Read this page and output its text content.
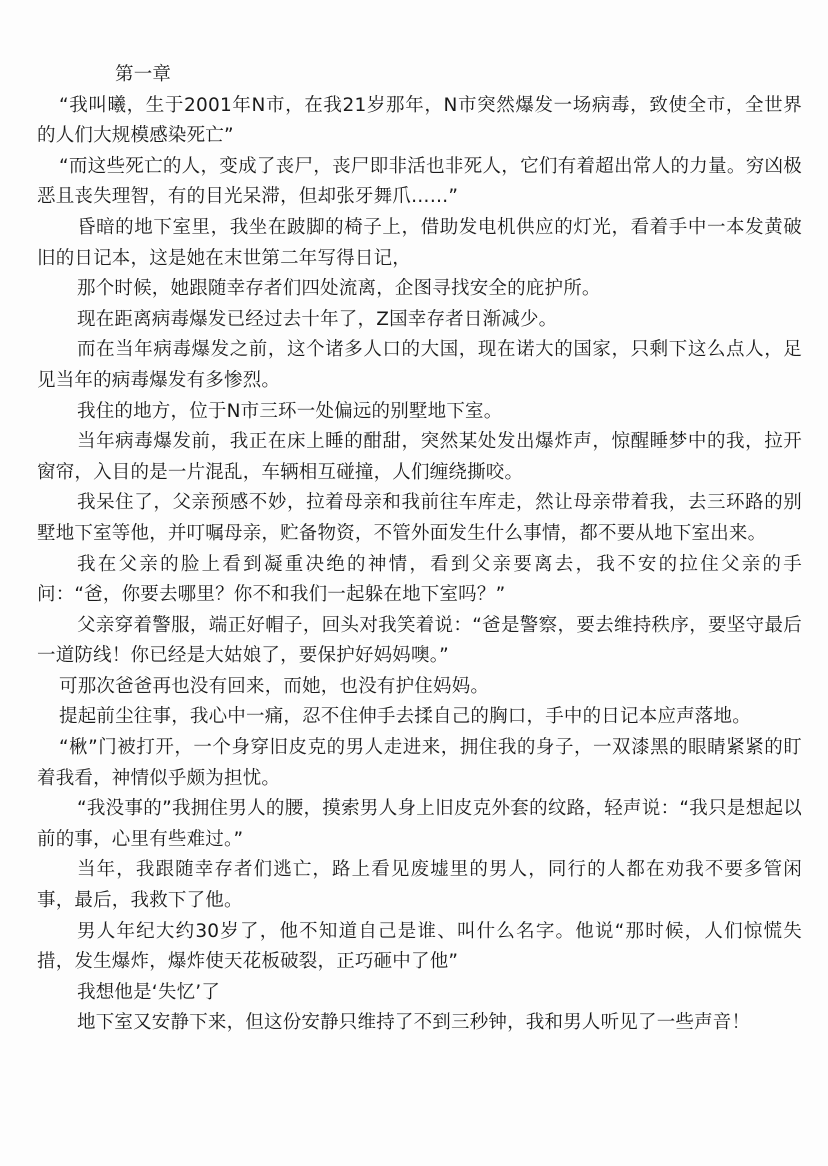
第一章

“我叫曦，生于2001年N市，在我21岁那年，N市突然爆发一场病毒，致使全市，全世界的人们大规模感染死亡”

“而这些死亡的人，变成了丧尸，丧尸即非活也非死人，它们有着超出常人的力量。穷凶极恶且丧失理智，有的目光呆滞，但却张牙舞爪……”

昏暗的地下室里，我坐在跛脚的椅子上，借助发电机供应的灯光，看着手中一本发黄破旧的日记本，这是她在末世第二年写得日记，

那个时候，她跟随幸存者们四处流离，企图寻找安全的庇护所。

现在距离病毒爆发已经过去十年了，Z国幸存者日渐减少。

而在当年病毒爆发之前，这个诸多人口的大国，现在诺大的国家，只剩下这么点人，足见当年的病毒爆发有多惨烈。

我住的地方，位于N市三环一处偏远的别墅地下室。

当年病毒爆发前，我正在床上睡的酣甜，突然某处发出爆炸声，惊醒睡梦中的我，拉开窗帘，入目的是一片混乱，车辆相互碰撞，人们缠绕撕咬。

我呆住了，父亲预感不妙，拉着母亲和我前往车库走，然让母亲带着我，去三环路的别墅地下室等他，并叮嘱母亲，贮备物资，不管外面发生什么事情，都不要从地下室出来。

我在父亲的脸上看到凝重决绝的神情，看到父亲要离去，我不安的拉住父亲的手问：“爸，你要去哪里？你不和我们一起躲在地下室吗？”

父亲穿着警服，端正好帽子，回头对我笑着说：“爸是警察，要去维持秩序，要坚守最后一道防线！你已经是大姑娘了，要保护好妈妈噢。”

可那次爸爸再也没有回来，而她，也没有护住妈妈。

提起前尘往事，我心中一痛，忍不住伸手去揉自己的胸口，手中的日记本应声落地。

“楸”门被打开，一个身穿旧皮克的男人走进来，拥住我的身子，一双漆黑的眼睛紧紧的盯着我看，神情似乎颇为担忧。

“我没事的”我拥住男人的腰，摸索男人身上旧皮克外套的纹路，轻声说：“我只是想起以前的事，心里有些难过。”

当年，我跟随幸存者们逃亡，路上看见废墟里的男人，同行的人都在劝我不要多管闲事，最后，我救下了他。

男人年纪大约30岁了，他不知道自己是谁、叫什么名字。他说“那时候，人们惊慌失措，发生爆炸，爆炸使天花板破裂，正巧砸中了他”

我想他是‘失忆’了

地下室又安静下来，但这份安静只维持了不到三秒钟，我和男人听见了一些声音！
